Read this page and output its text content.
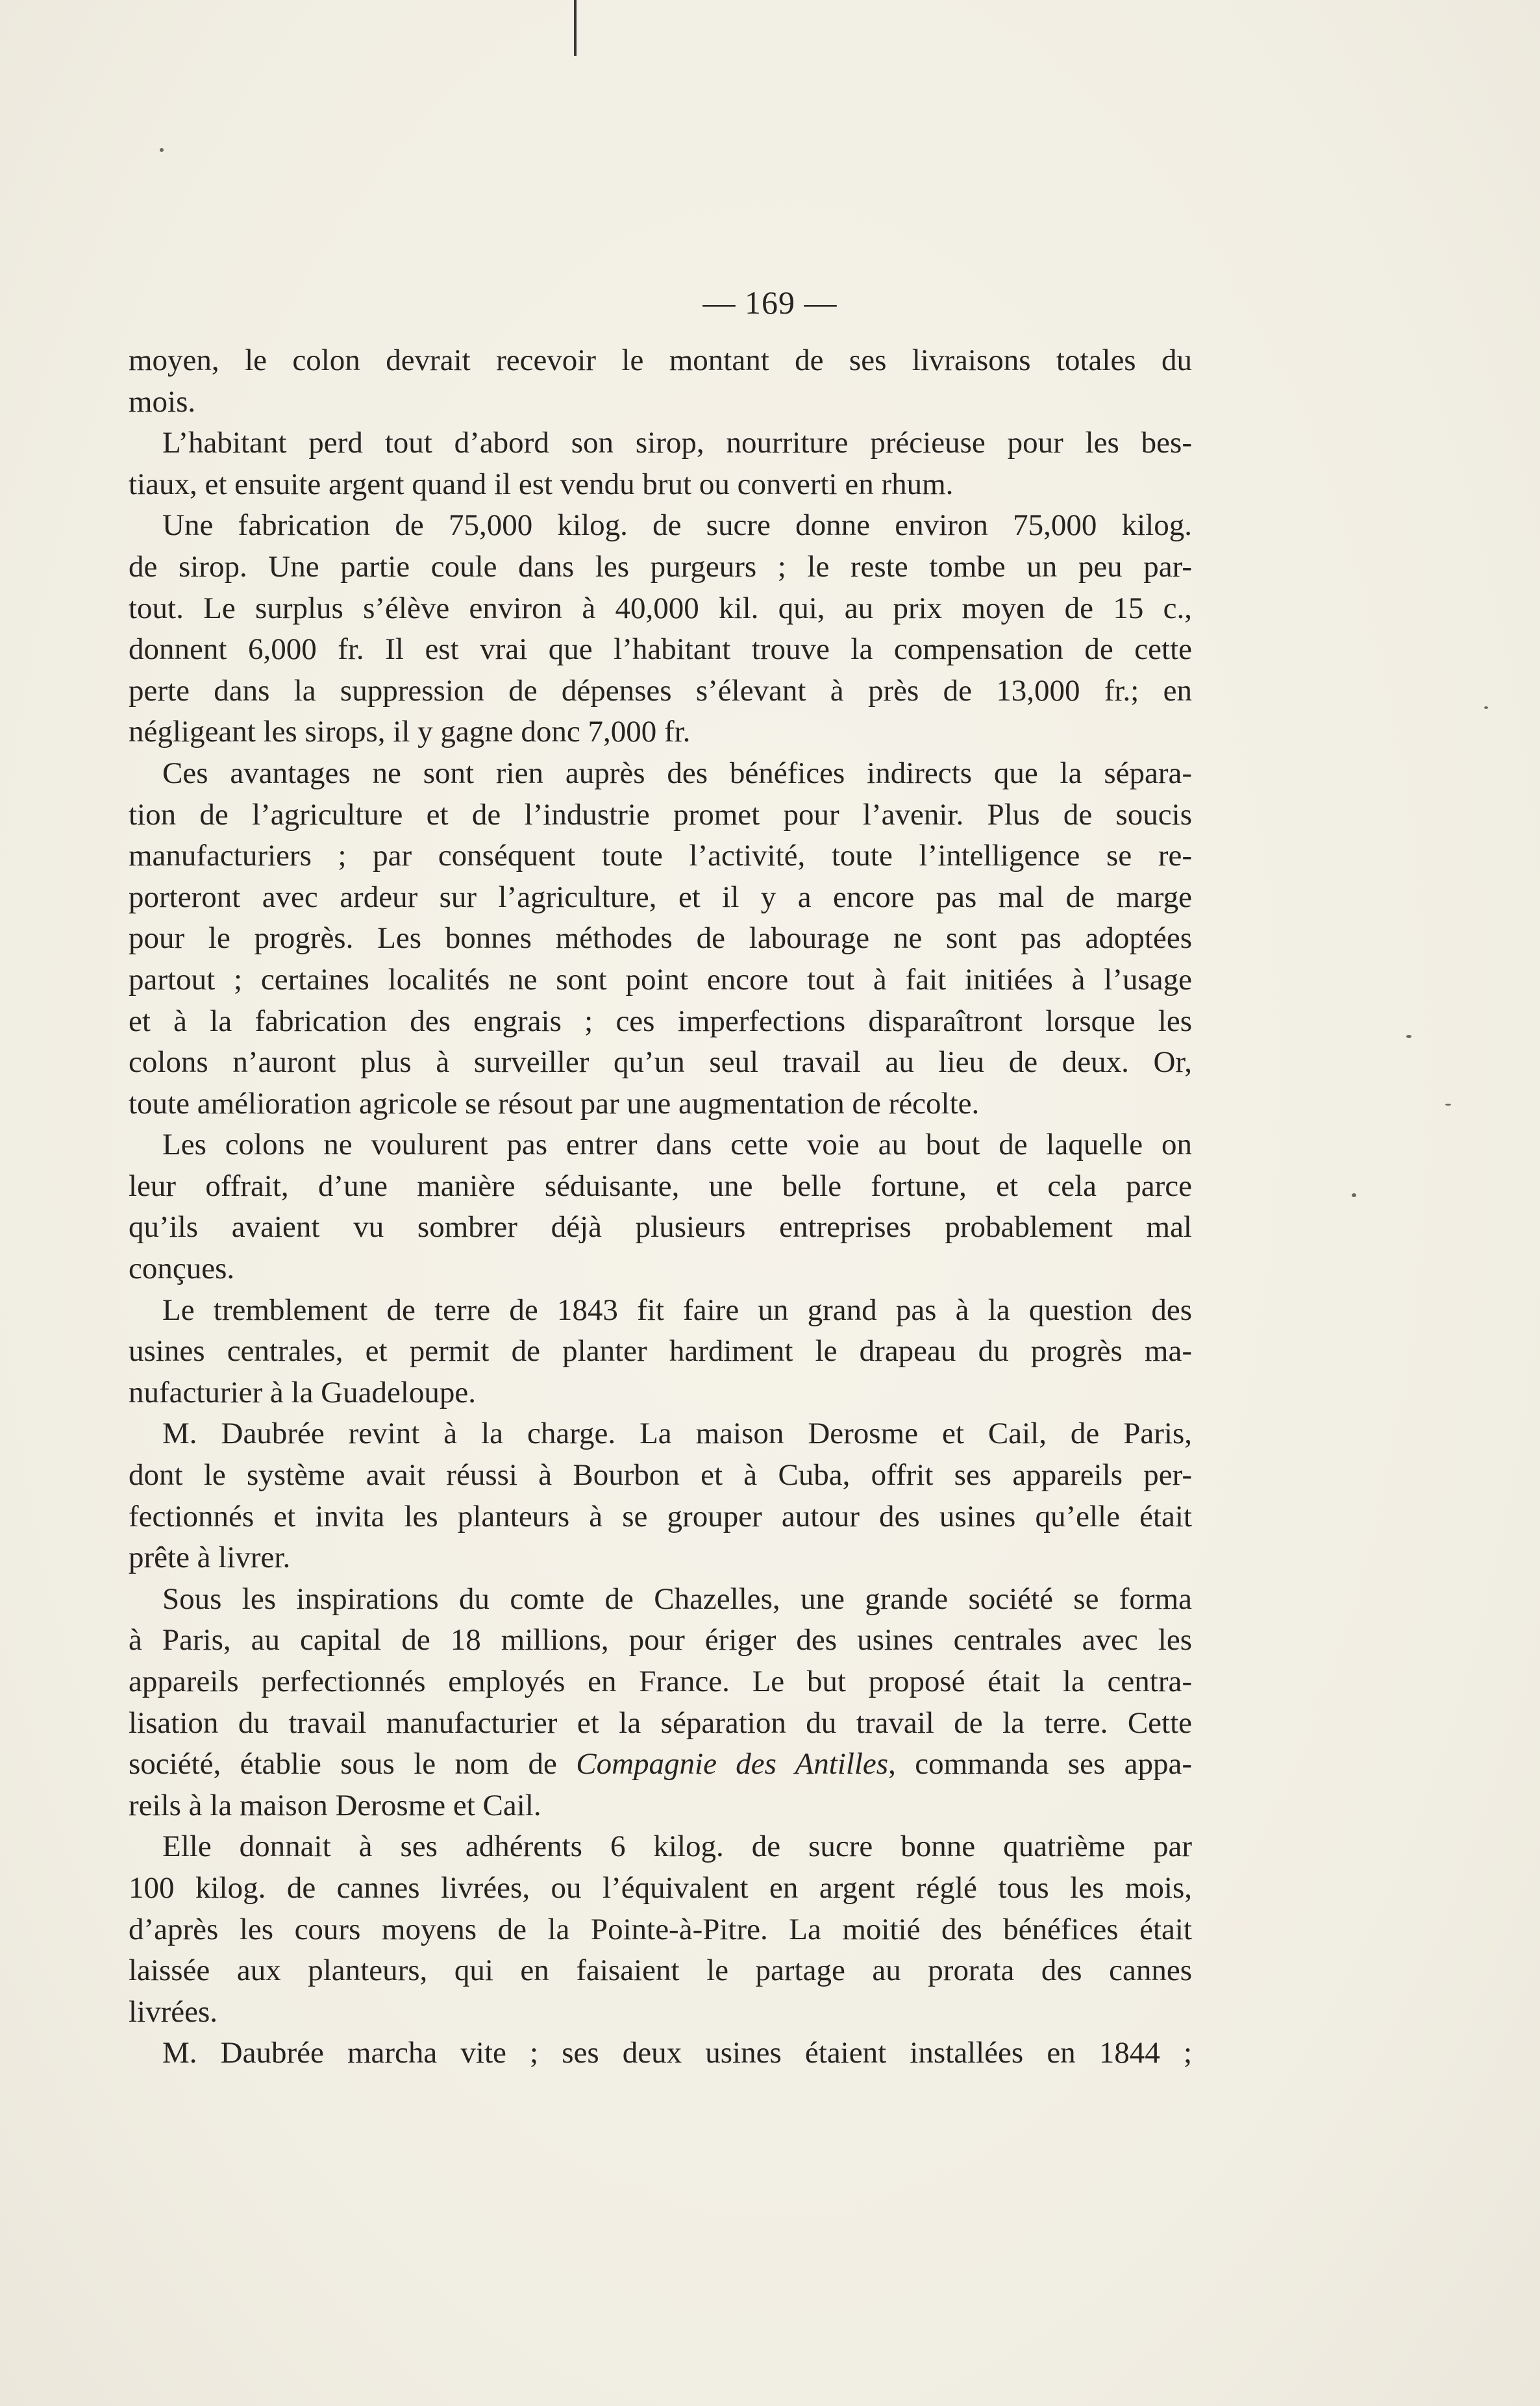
— 169 —
moyen, le colon devrait recevoir le montant de ses livraisons totales du
mois.
L’habitant perd tout d’abord son sirop, nourriture précieuse pour les bes-
tiaux, et ensuite argent quand il est vendu brut ou converti en rhum.
Une fabrication de 75,000 kilog. de sucre donne environ 75,000 kilog.
de sirop. Une partie coule dans les purgeurs ; le reste tombe un peu par-
tout. Le surplus s’élève environ à 40,000 kil. qui, au prix moyen de 15 c.,
donnent 6,000 fr. Il est vrai que l’habitant trouve la compensation de cette
perte dans la suppression de dépenses s’élevant à près de 13,000 fr.; en
négligeant les sirops, il y gagne donc 7,000 fr.
Ces avantages ne sont rien auprès des bénéfices indirects que la sépara-
tion de l’agriculture et de l’industrie promet pour l’avenir. Plus de soucis
manufacturiers ; par conséquent toute l’activité, toute l’intelligence se re-
porteront avec ardeur sur l’agriculture, et il y a encore pas mal de marge
pour le progrès. Les bonnes méthodes de labourage ne sont pas adoptées
partout ; certaines localités ne sont point encore tout à fait initiées à l’usage
et à la fabrication des engrais ; ces imperfections disparaîtront lorsque les
colons n’auront plus à surveiller qu’un seul travail au lieu de deux. Or,
toute amélioration agricole se résout par une augmentation de récolte.
Les colons ne voulurent pas entrer dans cette voie au bout de laquelle on
leur offrait, d’une manière séduisante, une belle fortune, et cela parce
qu’ils avaient vu sombrer déjà plusieurs entreprises probablement mal
conçues.
Le tremblement de terre de 1843 fit faire un grand pas à la question des
usines centrales, et permit de planter hardiment le drapeau du progrès ma-
nufacturier à la Guadeloupe.
M. Daubrée revint à la charge. La maison Derosme et Cail, de Paris,
dont le système avait réussi à Bourbon et à Cuba, offrit ses appareils per-
fectionnés et invita les planteurs à se grouper autour des usines qu’elle était
prête à livrer.
Sous les inspirations du comte de Chazelles, une grande société se forma
à Paris, au capital de 18 millions, pour ériger des usines centrales avec les
appareils perfectionnés employés en France. Le but proposé était la centra-
lisation du travail manufacturier et la séparation du travail de la terre. Cette
société, établie sous le nom de Compagnie des Antilles, commanda ses appa-
reils à la maison Derosme et Cail.
Elle donnait à ses adhérents 6 kilog. de sucre bonne quatrième par
100 kilog. de cannes livrées, ou l’équivalent en argent réglé tous les mois,
d’après les cours moyens de la Pointe-à-Pitre. La moitié des bénéfices était
laissée aux planteurs, qui en faisaient le partage au prorata des cannes
livrées.
M. Daubrée marcha vite ; ses deux usines étaient installées en 1844 ;
